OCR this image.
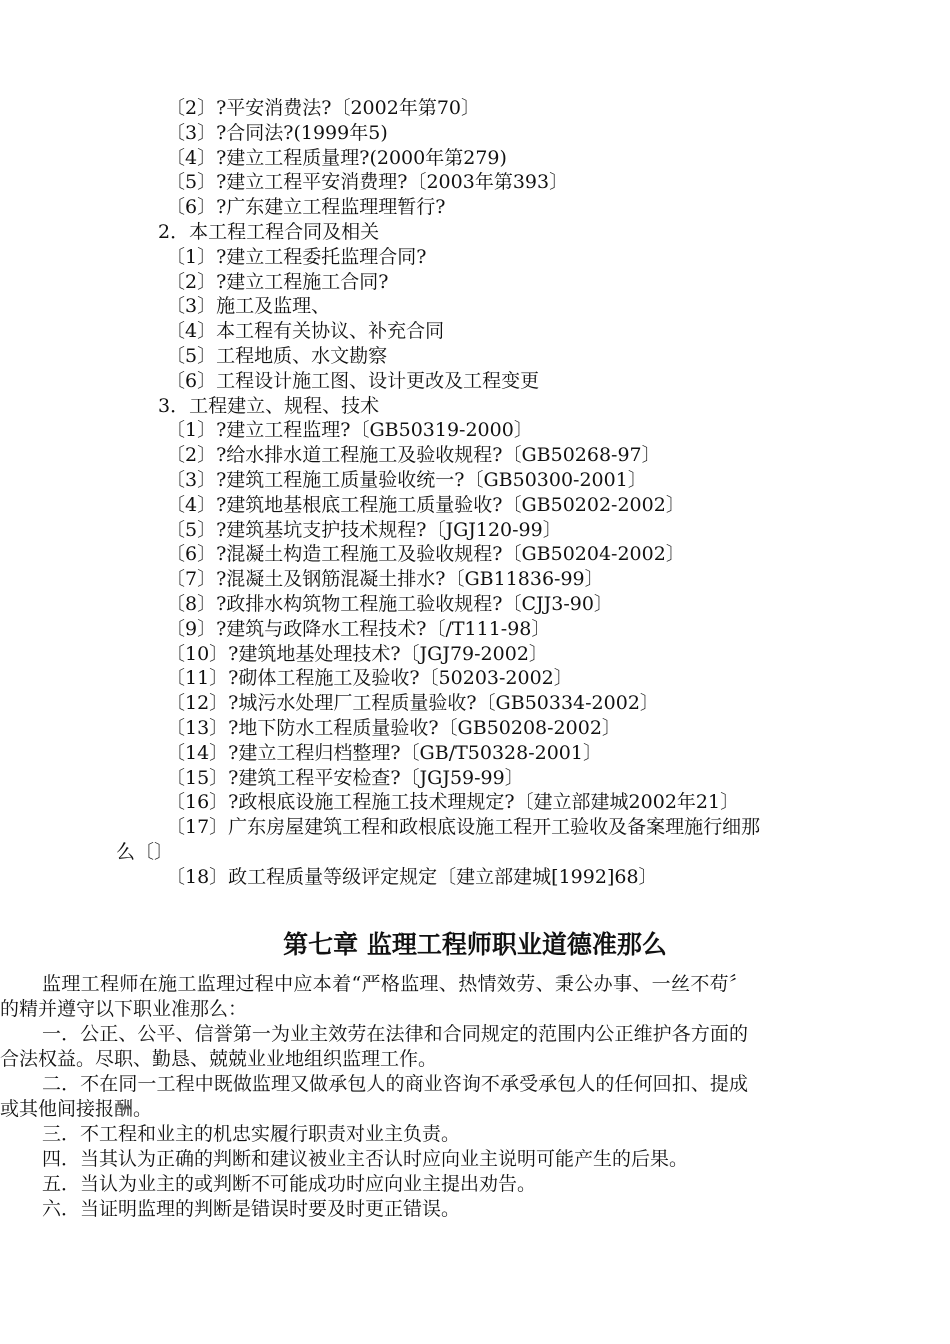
〔2〕?平安消费法?〔2002年第70〕
〔3〕?合同法?(1999年5)
〔4〕?建立工程质量理?(2000年第279)
〔5〕?建立工程平安消费理?〔2003年第393〕
〔6〕?广东建立工程监理理暂行?
2．本工程工程合同及相关
〔1〕?建立工程委托监理合同?
〔2〕?建立工程施工合同?
〔3〕施工及监理、
〔4〕本工程有关协议、补充合同
〔5〕工程地质、水文勘察
〔6〕工程设计施工图、设计更改及工程变更
3．工程建立、规程、技术
〔1〕?建立工程监理?〔GB50319-2000〕
〔2〕?给水排水道工程施工及验收规程?〔GB50268-97〕
〔3〕?建筑工程施工质量验收统一?〔GB50300-2001〕
〔4〕?建筑地基根底工程施工质量验收?〔GB50202-2002〕
〔5〕?建筑基坑支护技术规程?〔JGJ120-99〕
〔6〕?混凝土构造工程施工及验收规程?〔GB50204-2002〕
〔7〕?混凝土及钢筋混凝土排水?〔GB11836-99〕
〔8〕?政排水构筑物工程施工验收规程?〔CJJ3-90〕
〔9〕?建筑与政降水工程技术?〔/T111-98〕
〔10〕?建筑地基处理技术?〔JGJ79-2002〕
〔11〕?砌体工程施工及验收?〔50203-2002〕
〔12〕?城污水处理厂工程质量验收?〔GB50334-2002〕
〔13〕?地下防水工程质量验收?〔GB50208-2002〕
〔14〕?建立工程归档整理?〔GB/T50328-2001〕
〔15〕?建筑工程平安检查?〔JGJ59-99〕
〔16〕?政根底设施工程施工技术理规定?〔建立部建城2002年21〕
〔17〕广东房屋建筑工程和政根底设施工程开工验收及备案理施行细那
么〔〕
〔18〕政工程质量等级评定规定〔建立部建城[1992]68〕
第七章 监理工程师职业道德准那么

监理工程师在施工监理过程中应本着“严格监理、热情效劳、秉公办事、一丝不苟〞的精并遵守以下职业准那么：

一．公正、公平、信誉第一为业主效劳在法律和合同规定的范围内公正维护各方面的合法权益。尽职、勤恳、兢兢业业地组织监理工作。

二．不在同一工程中既做监理又做承包人的商业咨询不承受承包人的任何回扣、提成或其他间接报酬。

三．不工程和业主的机忠实履行职责对业主负责。

四．当其认为正确的判断和建议被业主否认时应向业主说明可能产生的后果。

五．当认为业主的或判断不可能成功时应向业主提出劝告。

六．当证明监理的判断是错误时要及时更正错误。
